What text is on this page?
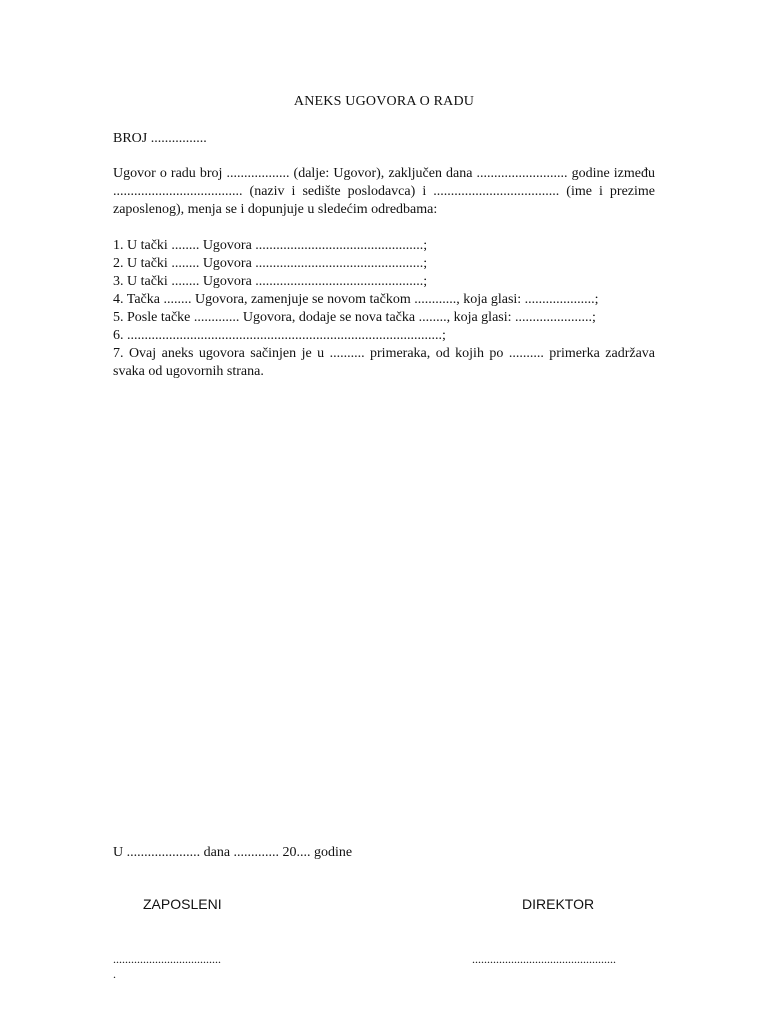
ANEKS UGOVORA O RADU
BROJ ................
Ugovor o radu broj .................. (dalje: Ugovor), zaključen dana .......................... godine između ..................................... (naziv i sedište poslodavca) i .................................... (ime i prezime zaposlenog), menja se i dopunjuje u sledećim odredbama:
1. U tački ........ Ugovora ................................................;
2. U tački ........ Ugovora ................................................;
3. U tački ........ Ugovora ................................................;
4. Tačka ........ Ugovora, zamenjuje se novom tačkom ............, koja glasi: ....................;
5. Posle tačke ............. Ugovora, dodaje se nova tačka ........, koja glasi: ......................;
6. ..........................................................................................;
7. Ovaj aneks ugovora sačinjen je u .......... primeraka, od kojih po .......... primerka zadržava svaka od ugovornih strana.
U ..................... dana ............. 20.... godine
ZAPOSLENI	DIREKTOR
....................................
.
................................................
